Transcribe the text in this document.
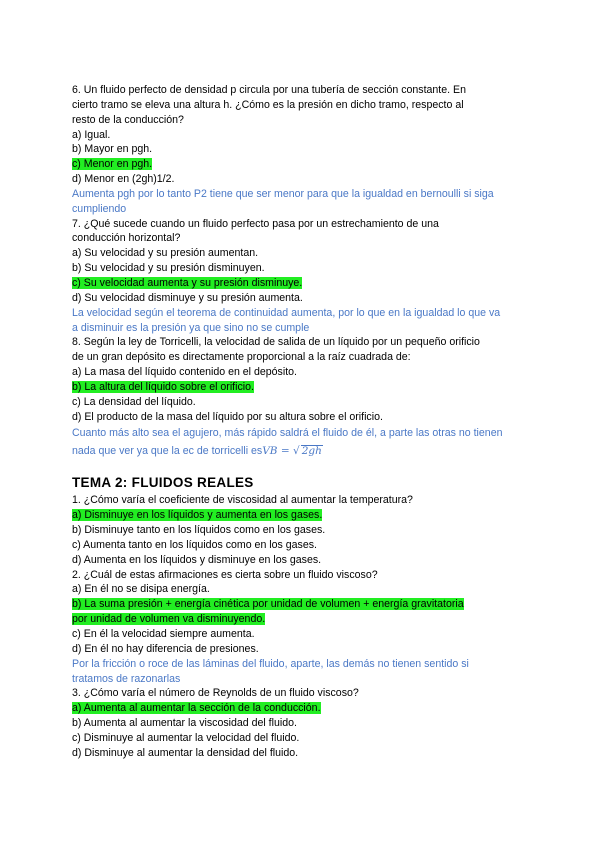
6. Un fluido perfecto de densidad p circula por una tubería de sección constante. En
cierto tramo se eleva una altura h. ¿Cómo es la presión en dicho tramo, respecto al
resto de la conducción?
a) Igual.
b) Mayor en pgh.
c) Menor en pgh.
d) Menor en (2gh)1/2.
Aumenta pgh por lo tanto P2 tiene que ser menor para que la igualdad en bernoulli si siga
cumpliendo
7. ¿Qué sucede cuando un fluido perfecto pasa por un estrechamiento de una
conducción horizontal?
a) Su velocidad y su presión aumentan.
b) Su velocidad y su presión disminuyen.
c) Su velocidad aumenta y su presión disminuye.
d) Su velocidad disminuye y su presión aumenta.
La velocidad según el teorema de continuidad aumenta, por lo que en la igualdad lo que va
a disminuir es la presión ya que sino no se cumple
8. Según la ley de Torricelli, la velocidad de salida de un líquido por un pequeño orificio
de un gran depósito es directamente proporcional a la raíz cuadrada de:
a) La masa del líquido contenido en el depósito.
b) La altura del líquido sobre el orificio.
c) La densidad del líquido.
d) El producto de la masa del líquido por su altura sobre el orificio.
Cuanto más alto sea el agujero, más rápido saldrá el fluido de él, a parte las otras no tienen
nada que ver ya que la ec de torricelli esVB = √ 2gh
TEMA 2: FLUIDOS REALES
1. ¿Cómo varía el coeficiente de viscosidad al aumentar la temperatura?
a) Disminuye en los líquidos y aumenta en los gases.
b) Disminuye tanto en los líquidos como en los gases.
c) Aumenta tanto en los líquidos como en los gases.
d) Aumenta en los líquidos y disminuye en los gases.
2. ¿Cuál de estas afirmaciones es cierta sobre un fluido viscoso?
a) En él no se disipa energía.
b) La suma presión + energía cinética por unidad de volumen + energía gravitatoria
por unidad de volumen va disminuyendo.
c) En él la velocidad siempre aumenta.
d) En él no hay diferencia de presiones.
Por la fricción o roce de las láminas del fluido, aparte, las demás no tienen sentido si
tratamos de razonarlas
3. ¿Cómo varía el número de Reynolds de un fluido viscoso?
a) Aumenta al aumentar la sección de la conducción.
b) Aumenta al aumentar la viscosidad del fluido.
c) Disminuye al aumentar la velocidad del fluido.
d) Disminuye al aumentar la densidad del fluido.
